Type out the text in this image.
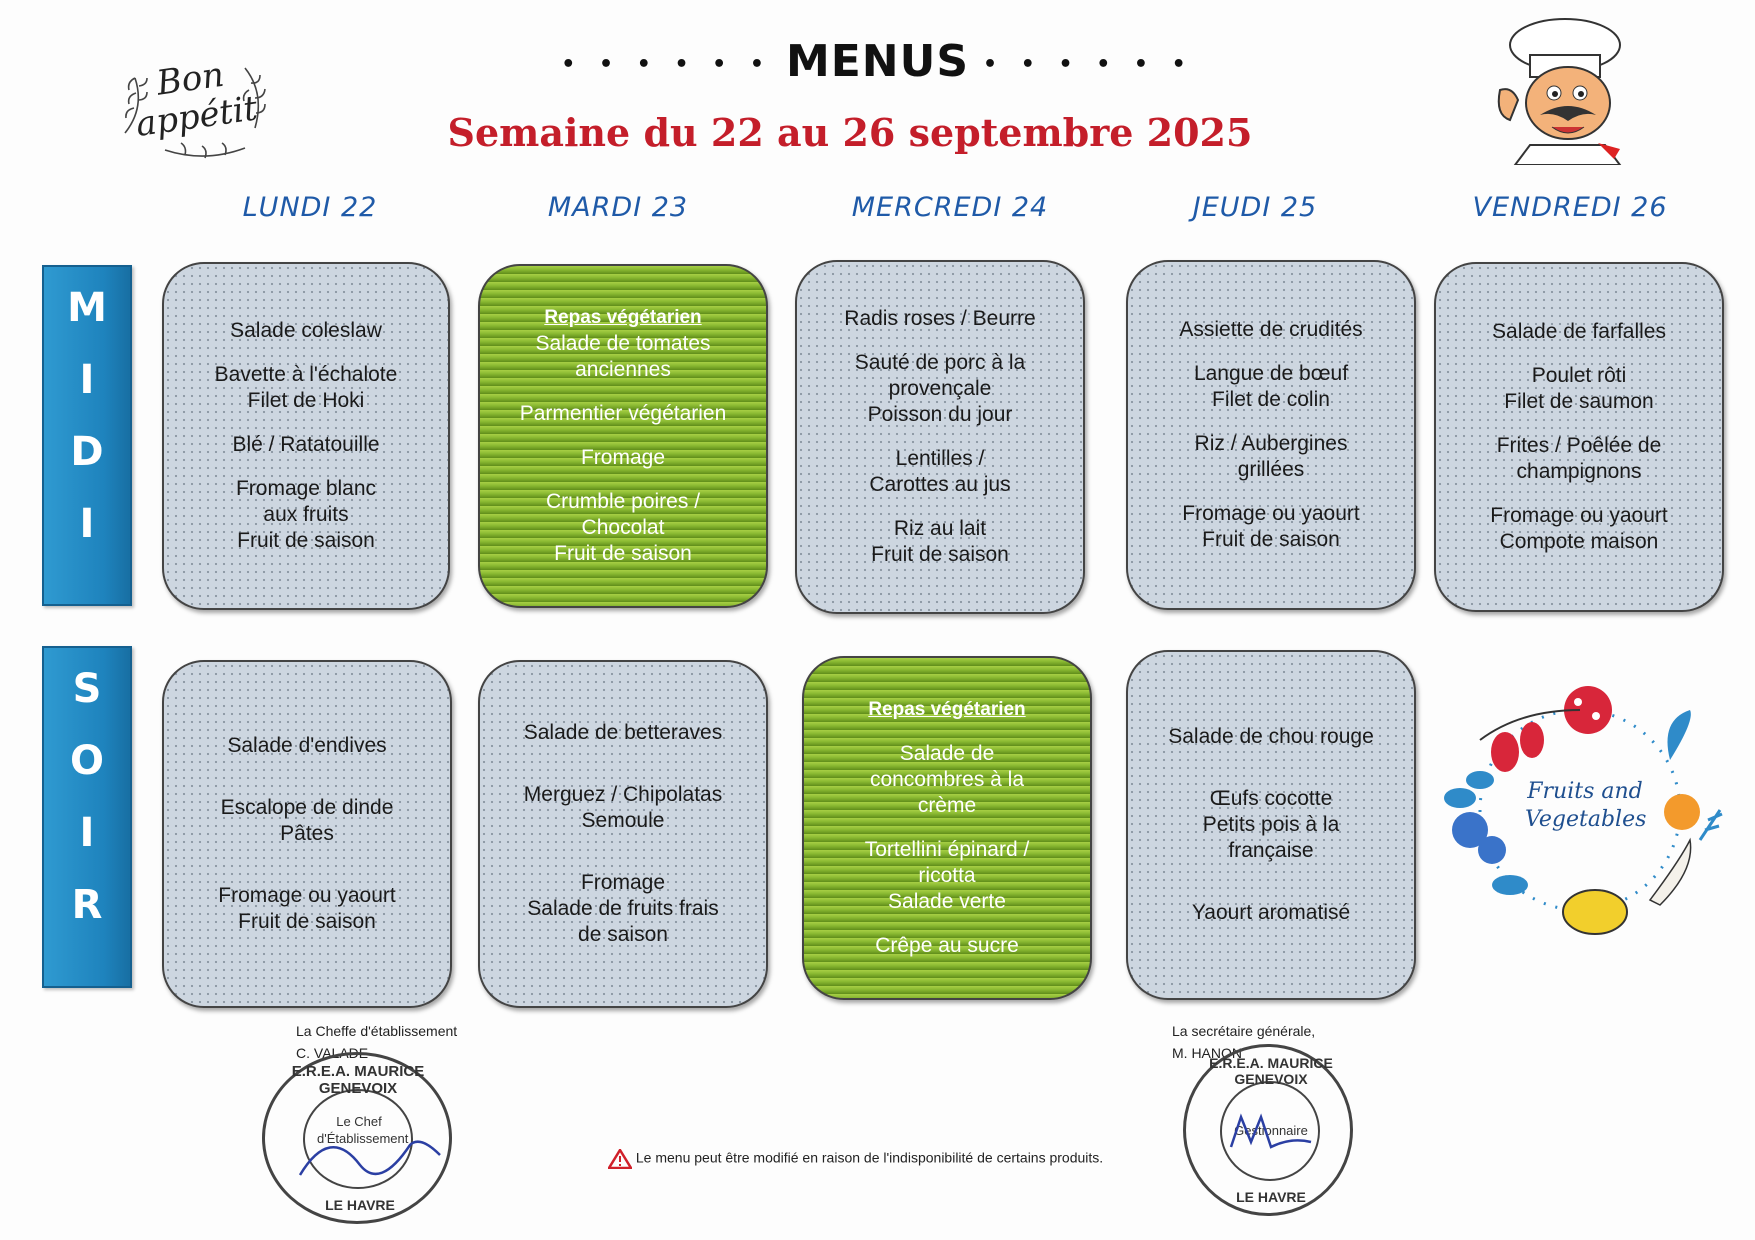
Bon appétit
• • • • • • MENUS • • • • • •
Semaine du 22 au 26 septembre 2025
LUNDI 22	MARDI 23	MERCREDI 24	JEUDI 25	VENDREDI 26
M
I
D
I
S
O
I
R
Salade coleslaw
Bavette à l'échalote
Filet de Hoki
Blé / Ratatouille
Fromage blanc
aux fruits
Fruit de saison
Repas végétarien
Salade de tomates
anciennes
Parmentier végétarien
Fromage
Crumble poires /
Chocolat
Fruit de saison
Radis roses / Beurre
Sauté de porc à la
provençale
Poisson du jour
Lentilles /
Carottes au jus
Riz au lait
Fruit de saison
Assiette de crudités
Langue de bœuf
Filet de colin
Riz / Aubergines
grillées
Fromage ou yaourt
Fruit de saison
Salade de farfalles
Poulet rôti
Filet de saumon
Frites / Poêlée de
champignons
Fromage ou yaourt
Compote maison
Salade d'endives
Escalope de dinde
Pâtes
Fromage ou yaourt
Fruit de saison
Salade de betteraves
Merguez / Chipolatas
Semoule
Fromage
Salade de fruits frais
de saison
Repas végétarien
Salade de
concombres à la
crème
Tortellini épinard /
ricotta
Salade verte
Crêpe au sucre
Salade de chou rouge
Œufs cocotte
Petits pois à la
française
Yaourt aromatisé
Fruits and Vegetables
La Cheffe d'établissement
C. VALADE
La secrétaire générale,
M. HANON
E.R.E.A. MAURICE GENEVOIX
Le Chef d'Établissement
LE HAVRE
E.R.E.A. MAURICE GENEVOIX
Gestionnaire
LE HAVRE
Le menu peut être modifié en raison de l'indisponibilité de certains produits.
